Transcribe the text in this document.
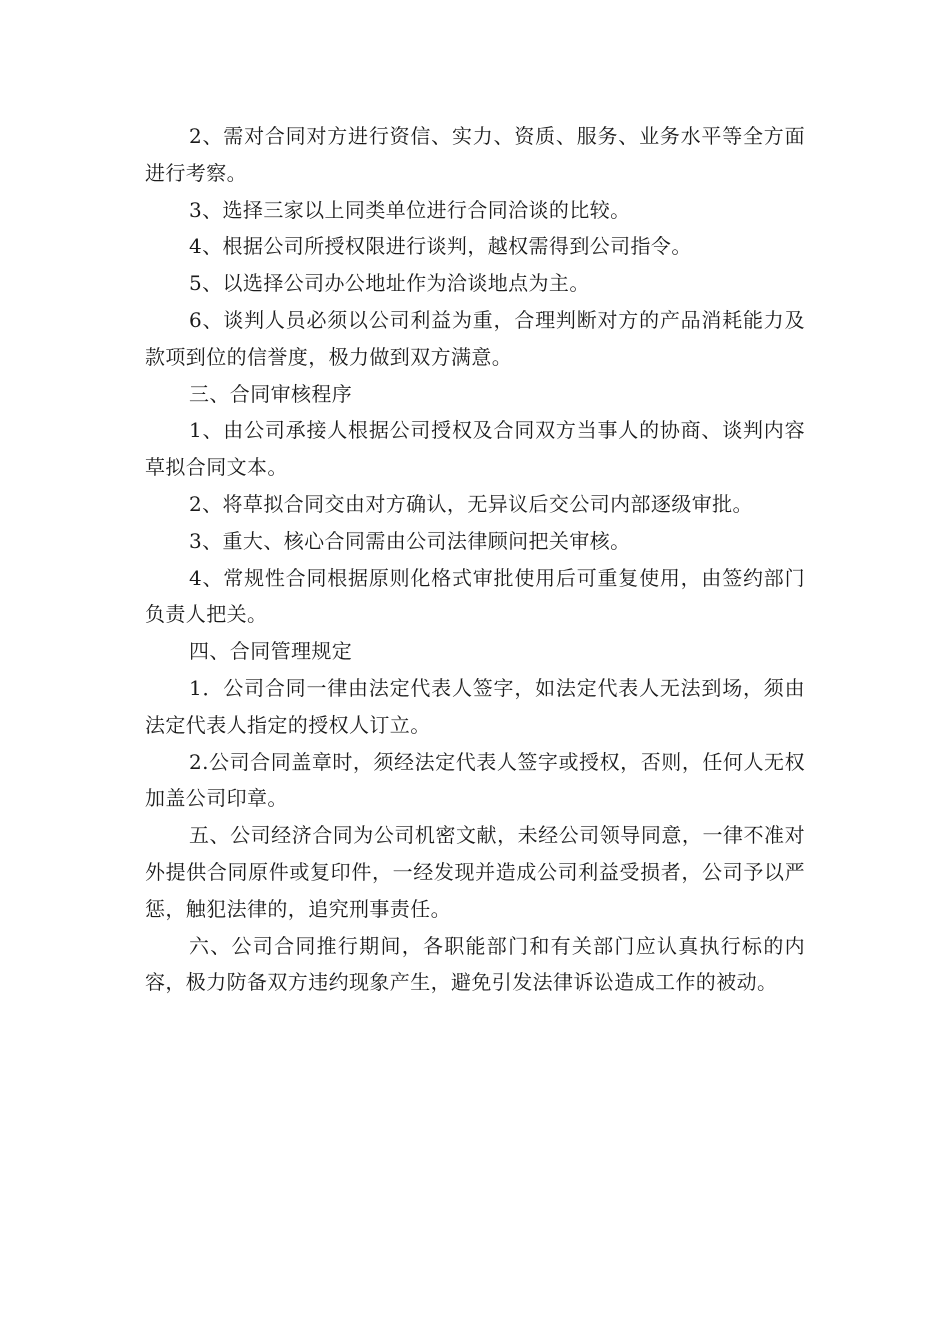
2、需对合同对方进行资信、实力、资质、服务、业务水平等全方面进行考察。

3、选择三家以上同类单位进行合同洽谈的比较。

4、根据公司所授权限进行谈判，越权需得到公司指令。

5、以选择公司办公地址作为洽谈地点为主。

6、谈判人员必须以公司利益为重，合理判断对方的产品消耗能力及款项到位的信誉度，极力做到双方满意。

三、合同审核程序

1、由公司承接人根据公司授权及合同双方当事人的协商、谈判内容草拟合同文本。

2、将草拟合同交由对方确认，无异议后交公司内部逐级审批。

3、重大、核心合同需由公司法律顾问把关审核。

4、常规性合同根据原则化格式审批使用后可重复使用，由签约部门负责人把关。

四、合同管理规定

1．公司合同一律由法定代表人签字，如法定代表人无法到场，须由法定代表人指定的授权人订立。

2.公司合同盖章时，须经法定代表人签字或授权，否则，任何人无权加盖公司印章。

五、公司经济合同为公司机密文献，未经公司领导同意，一律不准对外提供合同原件或复印件，一经发现并造成公司利益受损者，公司予以严惩，触犯法律的，追究刑事责任。

六、公司合同推行期间，各职能部门和有关部门应认真执行标的内容，极力防备双方违约现象产生，避免引发法律诉讼造成工作的被动。
